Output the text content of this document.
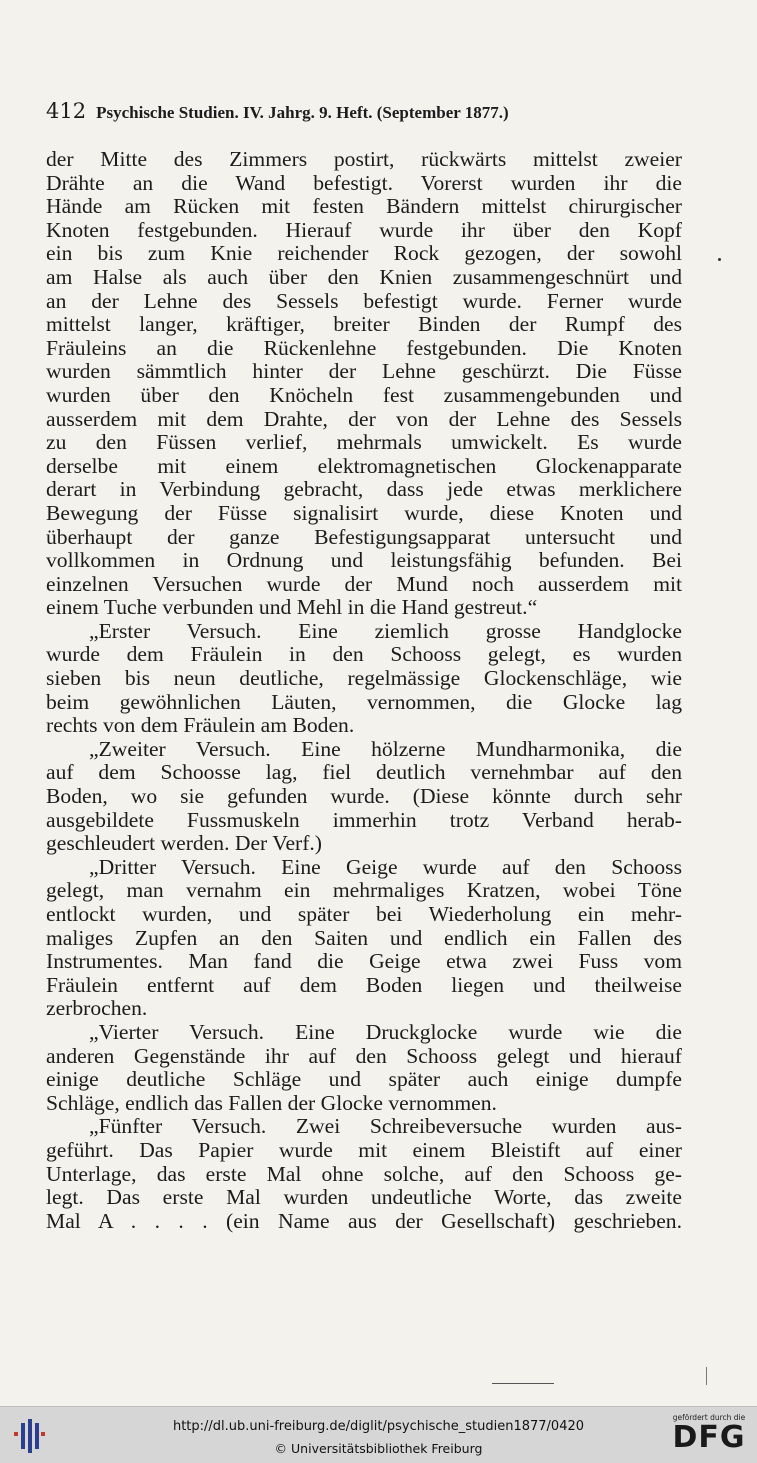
412 Psychische Studien. IV. Jahrg. 9. Heft. (September 1877.)
der Mitte des Zimmers postirt, rückwärts mittelst zweier
Drähte an die Wand befestigt. Vorerst wurden ihr die
Hände am Rücken mit festen Bändern mittelst chirurgischer
Knoten festgebunden. Hierauf wurde ihr über den Kopf
ein bis zum Knie reichender Rock gezogen, der sowohl
am Halse als auch über den Knien zusammengeschnürt und
an der Lehne des Sessels befestigt wurde. Ferner wurde
mittelst langer, kräftiger, breiter Binden der Rumpf des
Fräuleins an die Rückenlehne festgebunden. Die Knoten
wurden sämmtlich hinter der Lehne geschürzt. Die Füsse
wurden über den Knöcheln fest zusammengebunden und
ausserdem mit dem Drahte, der von der Lehne des Sessels
zu den Füssen verlief, mehrmals umwickelt. Es wurde
derselbe mit einem elektromagnetischen Glockenapparate
derart in Verbindung gebracht, dass jede etwas merklichere
Bewegung der Füsse signalisirt wurde, diese Knoten und
überhaupt der ganze Befestigungsapparat untersucht und
vollkommen in Ordnung und leistungsfähig befunden. Bei
einzelnen Versuchen wurde der Mund noch ausserdem mit
einem Tuche verbunden und Mehl in die Hand gestreut.“
„Erster Versuch. Eine ziemlich grosse Handglocke
wurde dem Fräulein in den Schooss gelegt, es wurden
sieben bis neun deutliche, regelmässige Glockenschläge, wie
beim gewöhnlichen Läuten, vernommen, die Glocke lag
rechts von dem Fräulein am Boden.
„Zweiter Versuch. Eine hölzerne Mundharmonika, die
auf dem Schoosse lag, fiel deutlich vernehmbar auf den
Boden, wo sie gefunden wurde. (Diese könnte durch sehr
ausgebildete Fussmuskeln immerhin trotz Verband herab-
geschleudert werden. Der Verf.)
„Dritter Versuch. Eine Geige wurde auf den Schooss
gelegt, man vernahm ein mehrmaliges Kratzen, wobei Töne
entlockt wurden, und später bei Wiederholung ein mehr-
maliges Zupfen an den Saiten und endlich ein Fallen des
Instrumentes. Man fand die Geige etwa zwei Fuss vom
Fräulein entfernt auf dem Boden liegen und theilweise
zerbrochen.
„Vierter Versuch. Eine Druckglocke wurde wie die
anderen Gegenstände ihr auf den Schooss gelegt und hierauf
einige deutliche Schläge und später auch einige dumpfe
Schläge, endlich das Fallen der Glocke vernommen.
„Fünfter Versuch. Zwei Schreibeversuche wurden aus-
geführt. Das Papier wurde mit einem Bleistift auf einer
Unterlage, das erste Mal ohne solche, auf den Schooss ge-
legt. Das erste Mal wurden undeutliche Worte, das zweite
Mal A . . . . (ein Name aus der Gesellschaft) geschrieben.
http://dl.ub.uni-freiburg.de/diglit/psychische_studien1877/0420
© Universitätsbibliothek Freiburg
gefördert durch die
DFG
